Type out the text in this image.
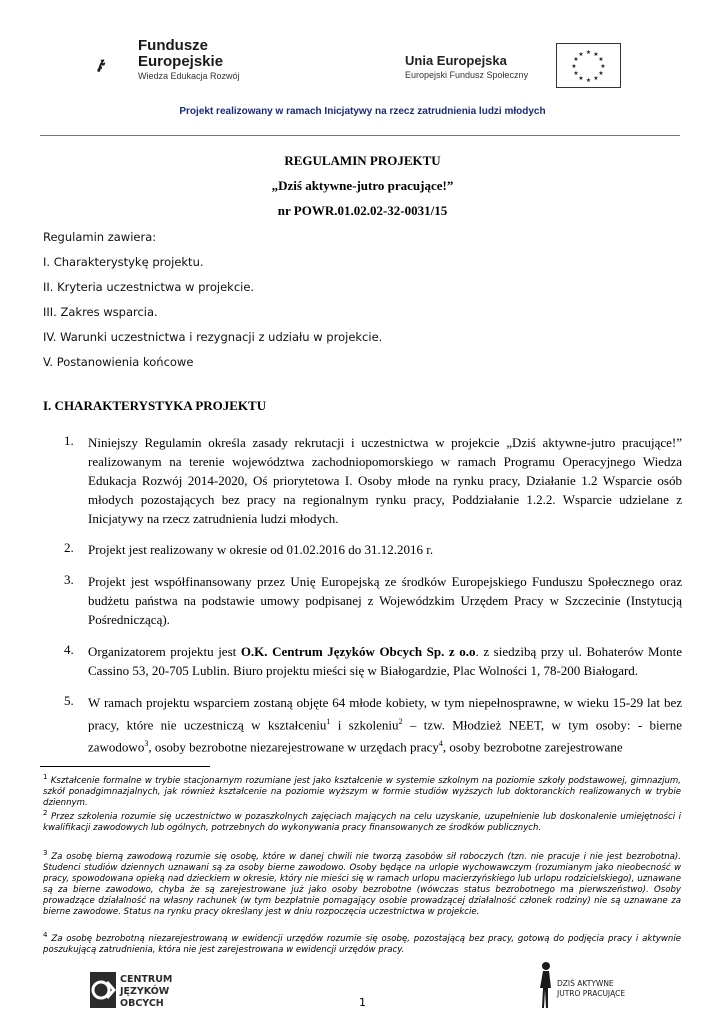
Fundusze
Europejskie
Wiedza Edukacja Rozwój
Unia Europejska
Europejski Fundusz Społeczny
★ ★
★
★
★
★
★
★
★
★
★
★
Projekt realizowany w ramach Inicjatywy na rzecz zatrudnienia ludzi młodych
REGULAMIN PROJEKTU
„Dziś aktywne-jutro pracujące!”
nr POWR.01.02.02-32-0031/15
Regulamin zawiera:
I. Charakterystykę projektu.
II. Kryteria uczestnictwa w projekcie.
III. Zakres wsparcia.
IV. Warunki uczestnictwa i rezygnacji z udziału w projekcie.
V. Postanowienia końcowe
I. CHARAKTERYSTYKA PROJEKTU
1. Niniejszy Regulamin określa zasady rekrutacji i uczestnictwa w projekcie „Dziś aktywne-jutro pracujące!” realizowanym na terenie województwa zachodniopomorskiego w ramach Programu Operacyjnego Wiedza Edukacja Rozwój 2014-2020, Oś priorytetowa I. Osoby młode na rynku pracy, Działanie 1.2 Wsparcie osób młodych pozostających bez pracy na regionalnym rynku pracy, Poddziałanie 1.2.2. Wsparcie udzielane z Inicjatywy na rzecz zatrudnienia ludzi młodych.
2. Projekt jest realizowany w okresie od 01.02.2016 do 31.12.2016 r.
3. Projekt jest współfinansowany przez Unię Europejską ze środków Europejskiego Funduszu Społecznego oraz budżetu państwa na podstawie umowy podpisanej z Wojewódzkim Urzędem Pracy w Szczecinie (Instytucją Pośredniczącą).
4. Organizatorem projektu jest O.K. Centrum Języków Obcych Sp. z o.o. z siedzibą przy ul. Bohaterów Monte Cassino 53, 20-705 Lublin. Biuro projektu mieści się w Białogardzie, Plac Wolności 1, 78-200 Białogard.
5. W ramach projektu wsparciem zostaną objęte 64 młode kobiety, w tym niepełnosprawne, w wieku 15-29 lat bez pracy, które nie uczestniczą w kształceniu$^1$ i szkoleniu$^2$ – tzw. Młodzież NEET, w tym osoby: - bierne zawodowo$^3$, osoby bezrobotne niezarejestrowane w urzędach pracy$^4$, osoby bezrobotne zarejestrowane
$^1$ Kształcenie formalne w trybie stacjonarnym rozumiane jest jako kształcenie w systemie szkolnym na poziomie szkoły podstawowej, gimnazjum, szkół ponadgimnazjalnych, jak również kształcenie na poziomie wyższym w formie studiów wyższych lub doktoranckich realizowanych w trybie dziennym.
$^2$ Przez szkolenia rozumie się uczestnictwo w pozaszkolnych zajęciach mających na celu uzyskanie, uzupełnienie lub doskonalenie umiejętności i kwalifikacji zawodowych lub ogólnych, potrzebnych do wykonywania pracy finansowanych ze środków publicznych.
$^3$ Za osobę bierną zawodową rozumie się osobę, które w danej chwili nie tworzą zasobów sił roboczych (tzn. nie pracuje i nie jest bezrobotna). Studenci studiów dziennych uznawani są za osoby bierne zawodowo. Osoby będące na urlopie wychowawczym (rozumianym jako nieobecność w pracy, spowodowana opieką nad dzieckiem w okresie, który nie mieści się w ramach urlopu macierzyńskiego lub urlopu rodzicielskiego), uznawane są za bierne zawodowo, chyba że są zarejestrowane już jako osoby bezrobotne (wówczas status bezrobotnego ma pierwszeństwo). Osoby prowadzące działalność na własny rachunek (w tym bezpłatnie pomagający osobie prowadzącej działalność członek rodziny) nie są uznawane za bierne zawodowe. Status na rynku pracy określany jest w dniu rozpoczęcia uczestnictwa w projekcie.
$^4$ Za osobę bezrobotną niezarejestrowaną w ewidencji urzędów rozumie się osobę, pozostającą bez pracy, gotową do podjęcia pracy i aktywnie poszukującą zatrudnienia, która nie jest zarejestrowana w ewidencji urzędów pracy.
CENTRUM
JĘZYKÓW
OBCYCH	1
DZIŚ AKTYWNE
JUTRO PRACUJĄCE
